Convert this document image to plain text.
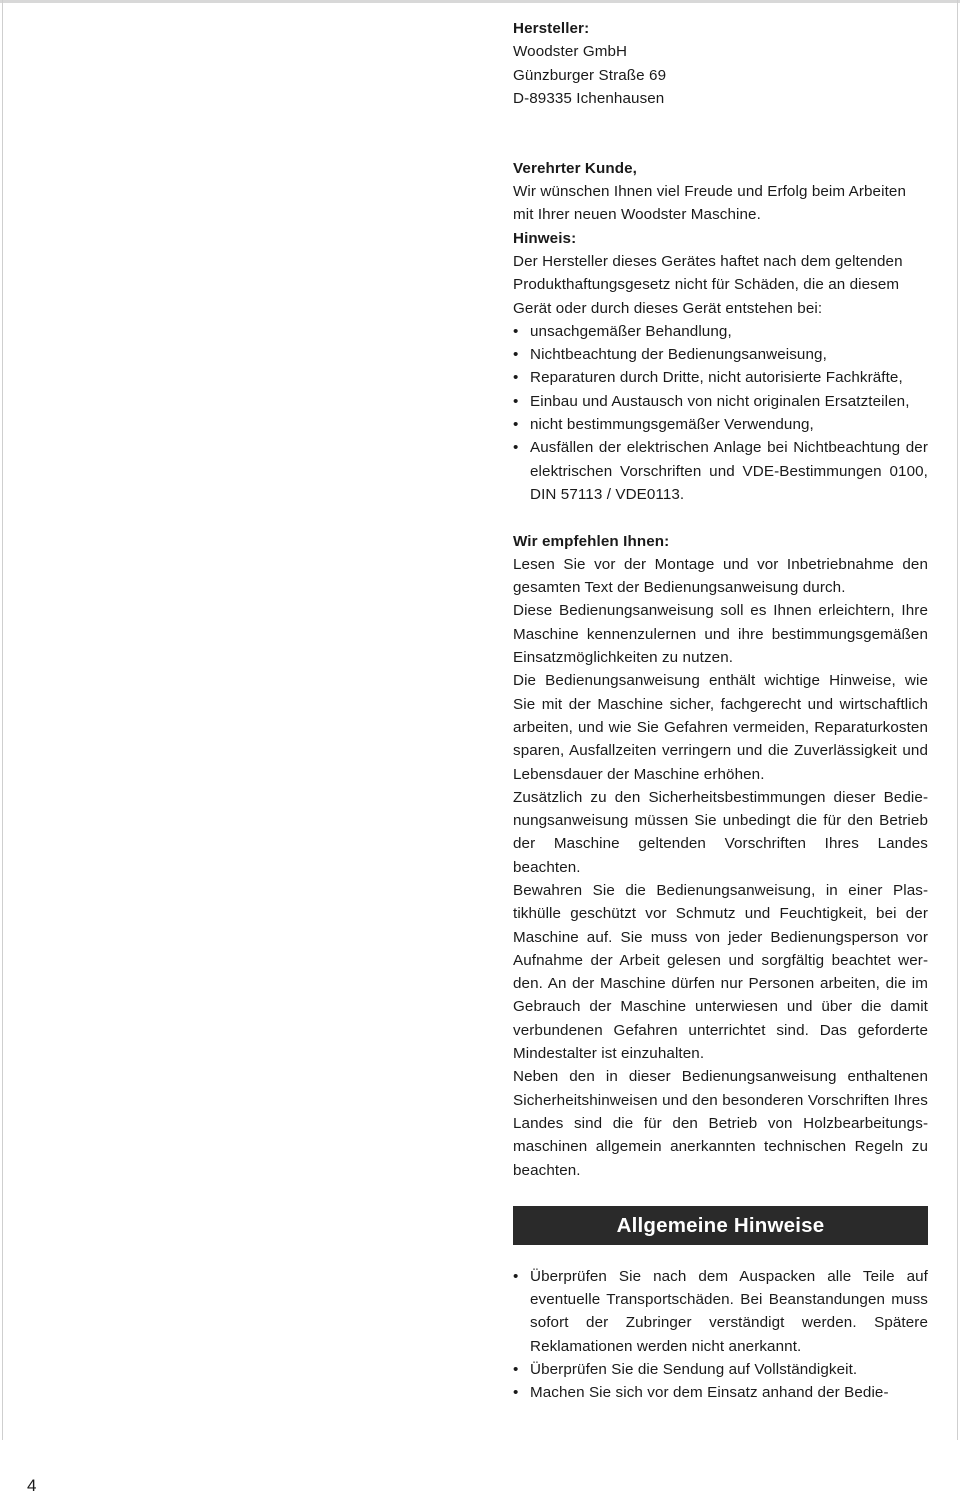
Hersteller:

Woodster GmbH

Günzburger Straße 69

D-89335 Ichenhausen

Verehrter Kunde,

Wir wünschen Ihnen viel Freude und Erfolg beim Arbeiten mit Ihrer neuen Woodster Maschine.

Hinweis:

Der Hersteller dieses Gerätes haftet nach dem geltenden Produkthaftungsgesetz nicht für Schäden, die an diesem Gerät oder durch dieses Gerät entstehen bei:

• unsachgemäßer Behandlung,
• Nichtbeachtung der Bedienungsanweisung,
• Reparaturen durch Dritte, nicht autorisierte Fachkräfte,
• Einbau und Austausch von nicht originalen Ersatzteilen,
• nicht bestimmungsgemäßer Verwendung,
• Ausfällen der elektrischen Anlage bei Nichtbeachtung der elektrischen Vorschriften und VDE-Bestimmungen 0100, DIN 57113 / VDE0113.

Wir empfehlen Ihnen:

Lesen Sie vor der Montage und vor Inbetriebnahme den gesamten Text der Bedienungsanweisung durch.

Diese Bedienungsanweisung soll es Ihnen erleichtern, Ihre Maschine kennenzulernen und ihre bestimmungsgemäßen Einsatzmöglichkeiten zu nutzen.

Die Bedienungsanweisung enthält wichtige Hinweise, wie Sie mit der Maschine sicher, fachgerecht und wirtschaftlich arbeiten, und wie Sie Gefahren vermeiden, Reparaturkosten sparen, Ausfallzeiten verringern und die Zuverlässigkeit und Lebensdauer der Maschine erhöhen.

Zusätzlich zu den Sicherheitsbestimmungen dieser Bedienungsanweisung müssen Sie unbedingt die für den Betrieb der Maschine geltenden Vorschriften Ihres Landes beachten.

Bewahren Sie die Bedienungsanweisung, in einer Plastikhülle geschützt vor Schmutz und Feuchtigkeit, bei der Maschine auf. Sie muss von jeder Bedienungsperson vor Aufnahme der Arbeit gelesen und sorgfältig beachtet werden. An der Maschine dürfen nur Personen arbeiten, die im Gebrauch der Maschine unterwiesen und über die damit verbundenen Gefahren unterrichtet sind. Das geforderte Mindestalter ist einzuhalten.

Neben den in dieser Bedienungsanweisung enthaltenen Sicherheitshinweisen und den besonderen Vorschriften Ihres Landes sind die für den Betrieb von Holzbearbeitungsmaschinen allgemein anerkannten technischen Regeln zu beachten.

Allgemeine Hinweise
• Überprüfen Sie nach dem Auspacken alle Teile auf eventuelle Transportschäden. Bei Beanstandungen muss sofort der Zubringer verständigt werden. Spätere Reklamationen werden nicht anerkannt.
• Überprüfen Sie die Sendung auf Vollständigkeit.
• Machen Sie sich vor dem Einsatz anhand der Bedie-
4
